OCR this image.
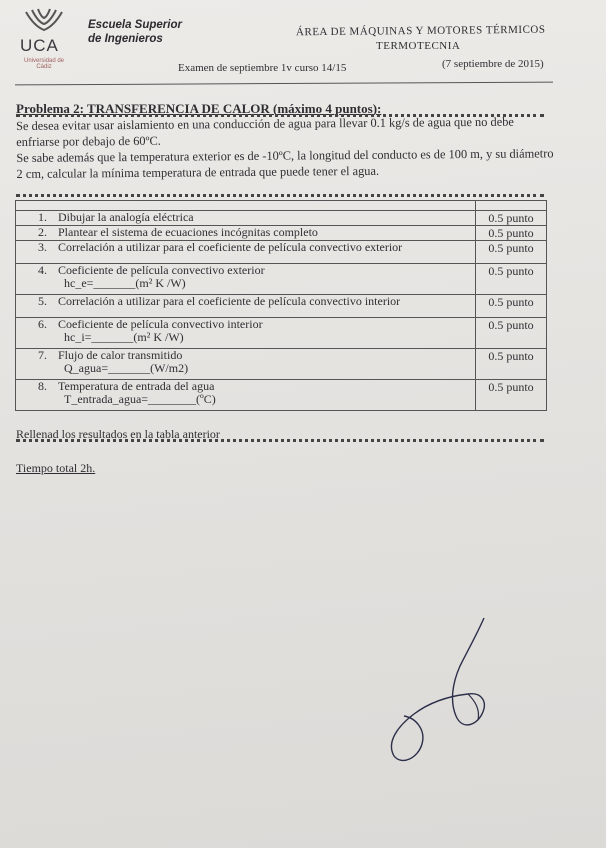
UCA
Universidad de Cádiz
Escuela Superior
de Ingenieros
ÁREA DE MÁQUINAS Y MOTORES TÉRMICOS
TERMOTECNIA
Examen de septiembre 1v curso 14/15	(7 septiembre de 2015)
Problema 2: TRANSFERENCIA DE CALOR (máximo 4 puntos):

Se desea evitar usar aislamiento en una conducción de agua para llevar 0.1 kg/s de agua que no debe enfriarse por debajo de 60ºC.

Se sabe además que la temperatura exterior es de -10ºC, la longitud del conducto es de 100 m, y su diámetro 2 cm, calcular la mínima temperatura de entrada que puede tener el agua.

1. Dibujar la analogía eléctrica	0.5 punto

2. Plantear el sistema de ecuaciones incógnitas completo	0.5 punto

3. Correlación a utilizar para el coeficiente de película convectivo exterior	0.5 punto

4. Coeficiente de película convectivo exterior
hc_e=_______(m² K /W)	0.5 punto

5. Correlación a utilizar para el coeficiente de película convectivo interior	0.5 punto

6. Coeficiente de película convectivo interior
hc_i=_______(m² K /W)	0.5 punto

7. Flujo de calor transmitido
Q_agua=_______(W/m2)	0.5 punto

8. Temperatura de entrada del agua
T_entrada_agua=________(ºC)	0.5 punto
Rellenad los resultados en la tabla anterior
Tiempo total 2h.
